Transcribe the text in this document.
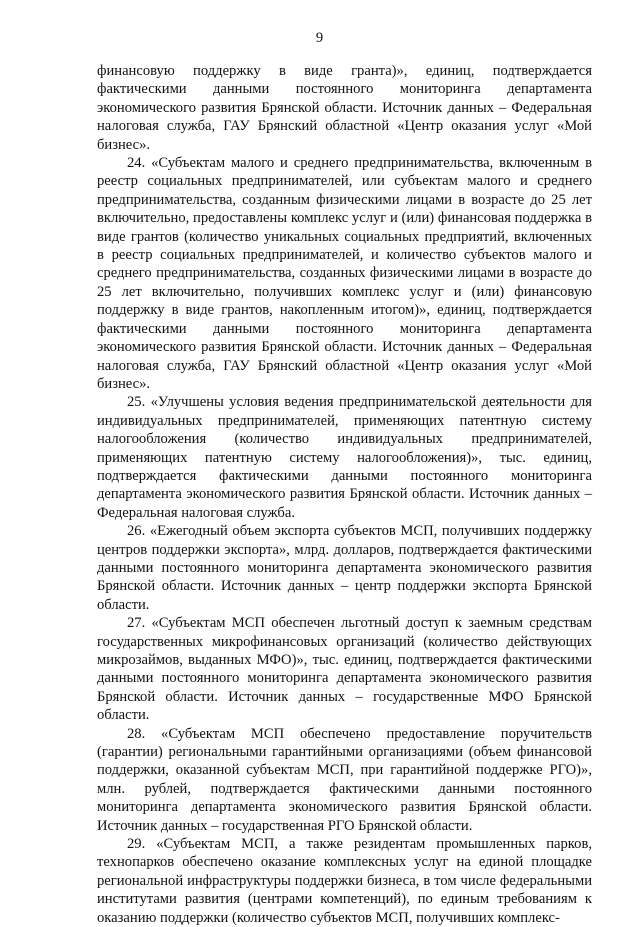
9

финансовую поддержку в виде гранта)», единиц, подтверждается фактическими данными постоянного мониторинга департамента экономического развития Брянской области. Источник данных – Федеральная налоговая служба, ГАУ Брянский областной «Центр оказания услуг «Мой бизнес».

24. «Субъектам малого и среднего предпринимательства, включенным в реестр социальных предпринимателей, или субъектам малого и среднего предпринимательства, созданным физическими лицами в возрасте до 25 лет включительно, предоставлены комплекс услуг и (или) финансовая поддержка в виде грантов (количество уникальных социальных предприятий, включенных в реестр социальных предпринимателей, и количество субъектов малого и среднего предпринимательства, созданных физическими лицами в возрасте до 25 лет включительно, получивших комплекс услуг и (или) финансовую поддержку в виде грантов, накопленным итогом)», единиц, подтверждается фактическими данными постоянного мониторинга департамента экономического развития Брянской области. Источник данных – Федеральная налоговая служба, ГАУ Брянский областной «Центр оказания услуг «Мой бизнес».

25. «Улучшены условия ведения предпринимательской деятельности для индивидуальных предпринимателей, применяющих патентную систему налогообложения (количество индивидуальных предпринимателей, применяющих патентную систему налогообложения)», тыс. единиц, подтверждается фактическими данными постоянного мониторинга департамента экономического развития Брянской области. Источник данных – Федеральная налоговая служба.

26. «Ежегодный объем экспорта субъектов МСП, получивших поддержку центров поддержки экспорта», млрд. долларов, подтверждается фактическими данными постоянного мониторинга департамента экономического развития Брянской области. Источник данных – центр поддержки экспорта Брянской области.

27. «Субъектам МСП обеспечен льготный доступ к заемным средствам государственных микрофинансовых организаций (количество действующих микрозаймов, выданных МФО)», тыс. единиц, подтверждается фактическими данными постоянного мониторинга департамента экономического развития Брянской области. Источник данных – государственные МФО Брянской области.

28. «Субъектам МСП обеспечено предоставление поручительств (гарантии) региональными гарантийными организациями (объем финансовой поддержки, оказанной субъектам МСП, при гарантийной поддержке РГО)», млн. рублей, подтверждается фактическими данными постоянного мониторинга департамента экономического развития Брянской области. Источник данных – государственная РГО Брянской области.

29. «Субъектам МСП, а также резидентам промышленных парков, технопарков обеспечено оказание комплексных услуг на единой площадке региональной инфраструктуры поддержки бизнеса, в том числе федеральными институтами развития (центрами компетенций), по единым требованиям к оказанию поддержки (количество субъектов МСП, получивших комплекс-
